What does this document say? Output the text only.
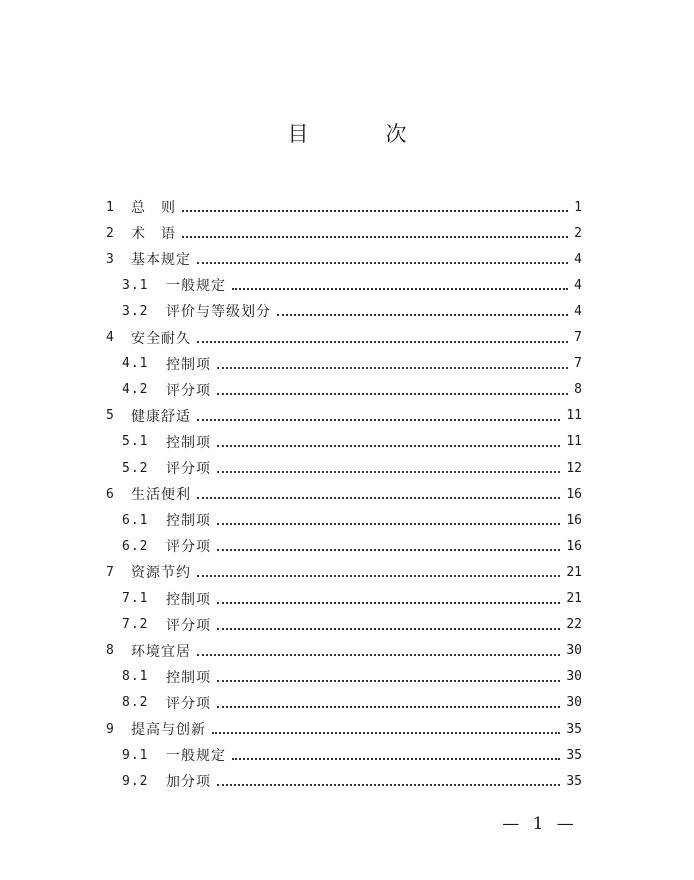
目　次
1 总　则	1
2 术　语	2
3 基本规定	4
3.1 一般规定	4
3.2 评价与等级划分	4
4 安全耐久	7
4.1 控制项	7
4.2 评分项	8
5 健康舒适	11
5.1 控制项	11
5.2 评分项	12
6 生活便利	16
6.1 控制项	16
6.2 评分项	16
7 资源节约	21
7.1 控制项	21
7.2 评分项	22
8 环境宜居	30
8.1 控制项	30
8.2 评分项	30
9 提高与创新	35
9.1 一般规定	35
9.2 加分项	35
— 1 —
